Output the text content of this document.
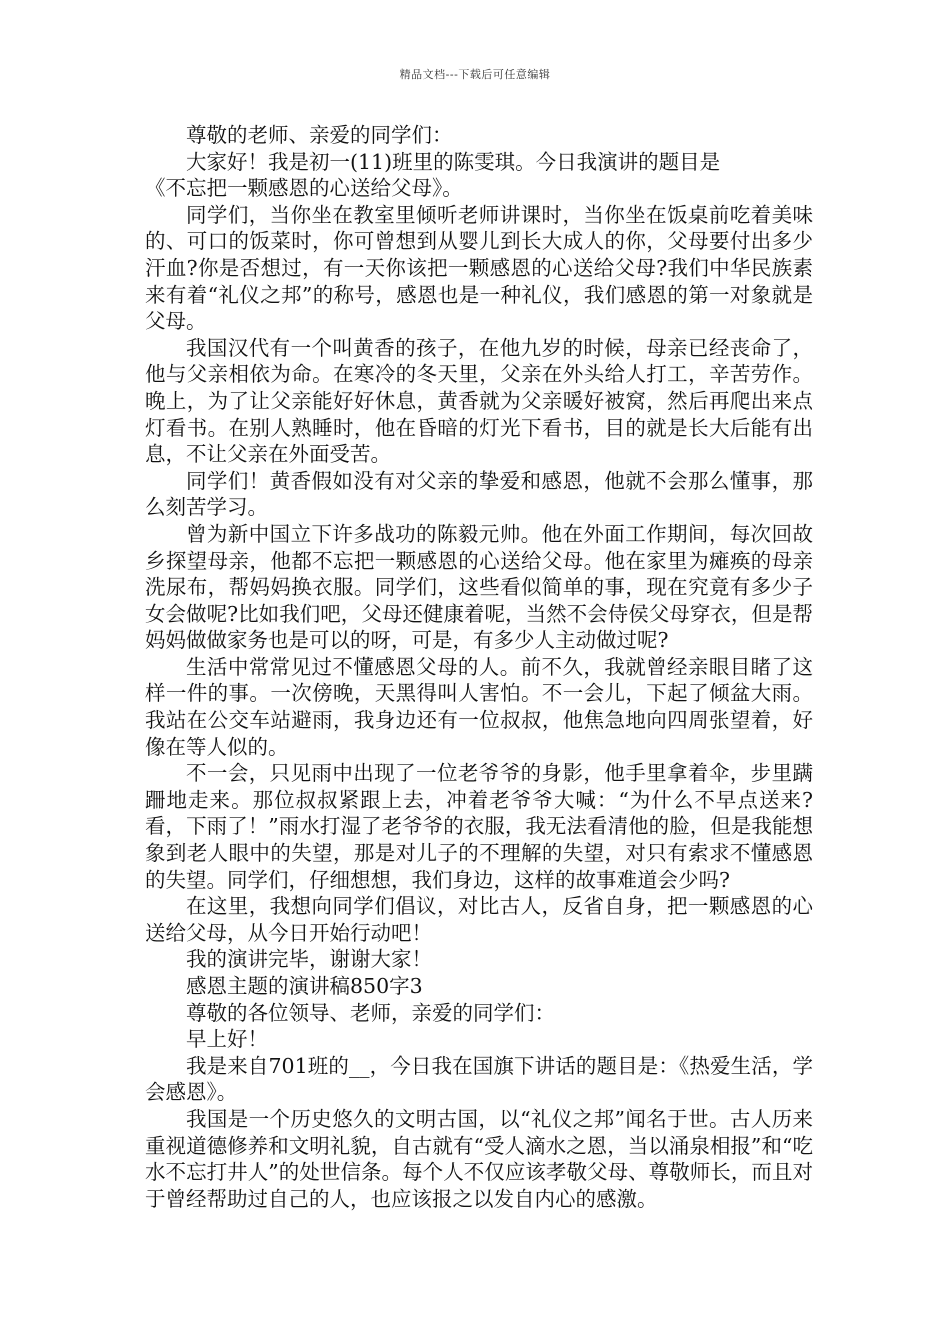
精品文档---下载后可任意编辑

尊敬的老师、亲爱的同学们：

大家好！我是初一(11)班里的陈雯琪。今日我演讲的题目是

《不忘把一颗感恩的心送给父母》。

同学们，当你坐在教室里倾听老师讲课时，当你坐在饭桌前吃着美味的、可口的饭菜时，你可曾想到从婴儿到长大成人的你，父母要付出多少汗血?你是否想过，有一天你该把一颗感恩的心送给父母?我们中华民族素来有着“礼仪之邦”的称号，感恩也是一种礼仪，我们感恩的第一对象就是父母。

我国汉代有一个叫黄香的孩子，在他九岁的时候，母亲已经丧命了，他与父亲相依为命。在寒冷的冬天里，父亲在外头给人打工，辛苦劳作。晚上，为了让父亲能好好休息，黄香就为父亲暖好被窝，然后再爬出来点灯看书。在别人熟睡时，他在昏暗的灯光下看书，目的就是长大后能有出息，不让父亲在外面受苦。

同学们！黄香假如没有对父亲的挚爱和感恩，他就不会那么懂事，那么刻苦学习。

曾为新中国立下许多战功的陈毅元帅。他在外面工作期间，每次回故乡探望母亲，他都不忘把一颗感恩的心送给父母。他在家里为瘫痪的母亲洗尿布，帮妈妈换衣服。同学们，这些看似简单的事，现在究竟有多少子女会做呢?比如我们吧，父母还健康着呢，当然不会侍侯父母穿衣，但是帮妈妈做做家务也是可以的呀，可是，有多少人主动做过呢?

生活中常常见过不懂感恩父母的人。前不久，我就曾经亲眼目睹了这样一件的事。一次傍晚，天黑得叫人害怕。不一会儿，下起了倾盆大雨。我站在公交车站避雨，我身边还有一位叔叔，他焦急地向四周张望着，好像在等人似的。

不一会，只见雨中出现了一位老爷爷的身影，他手里拿着伞，步里蹒跚地走来。那位叔叔紧跟上去，冲着老爷爷大喊：“为什么不早点送来?看，下雨了！”雨水打湿了老爷爷的衣服，我无法看清他的脸，但是我能想象到老人眼中的失望，那是对儿子的不理解的失望，对只有索求不懂感恩的失望。同学们，仔细想想，我们身边，这样的故事难道会少吗?

在这里，我想向同学们倡议，对比古人，反省自身，把一颗感恩的心送给父母，从今日开始行动吧！

我的演讲完毕，谢谢大家！

感恩主题的演讲稿850字3

尊敬的各位领导、老师，亲爱的同学们：

早上好！

我是来自701班的__，今日我在国旗下讲话的题目是：《热爱生活，学会感恩》。

我国是一个历史悠久的文明古国，以“礼仪之邦”闻名于世。古人历来重视道德修养和文明礼貌，自古就有“受人滴水之恩，当以涌泉相报”和“吃水不忘打井人”的处世信条。每个人不仅应该孝敬父母、尊敬师长，而且对于曾经帮助过自己的人，也应该报之以发自内心的感激。
